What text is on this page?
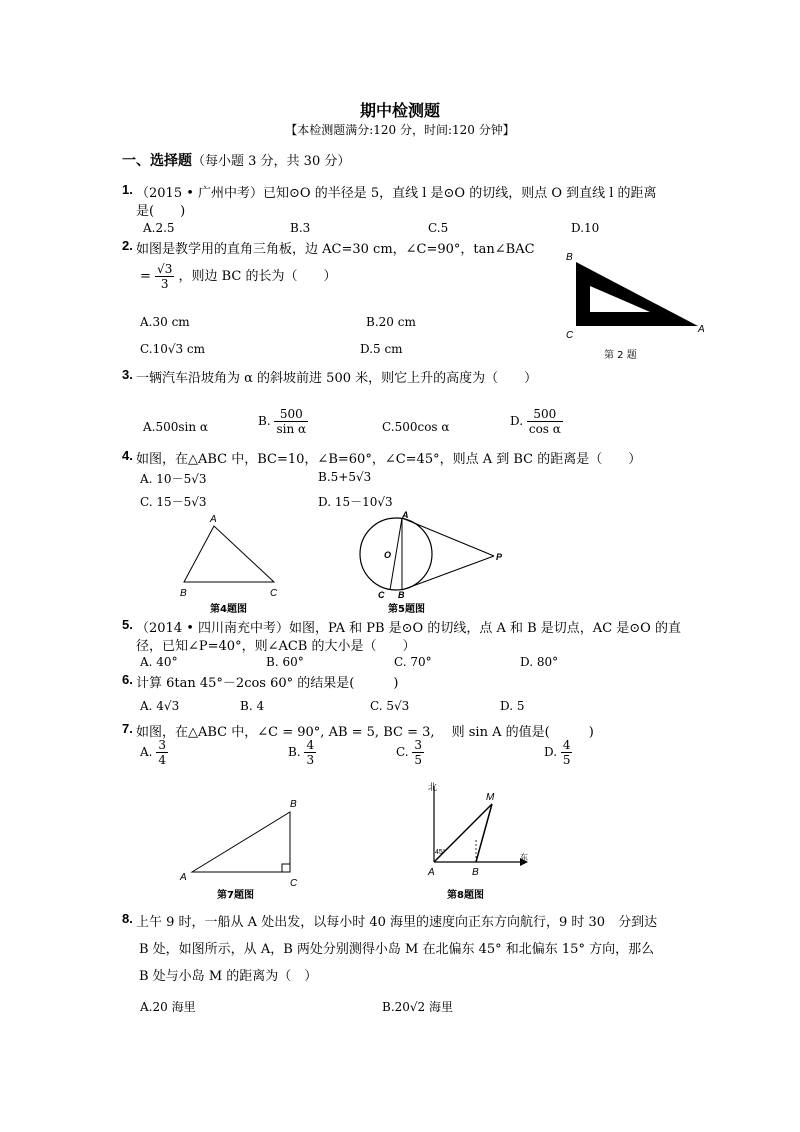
期中检测题
【本检测题满分:120 分，时间:120 分钟】
一、选择题（每小题 3 分，共 30 分）
1. （2015 • 广州中考）已知⊙O 的半径是 5，直线 l 是⊙O 的切线，则点 O 到直线 l 的距离
是(　　)
A.2.5	B.3	C.5	D.10
2. 如图是教学用的直角三角板，边 AC=30 cm，∠C=90°，tan∠BAC
= $\frac{√3}{3}$ ，则边 BC 的长为（　　）
A.30 cm	B.20 cm
C.10√3 cm	D.5 cm
B
C
A
第 2 题
3. 一辆汽车沿坡角为 α 的斜坡前进 500 米，则它上升的高度为（　　）
A.500sin α	B. $\frac{500}{\text{sin α}}$	C.500cos α	D. $\frac{500}{\text{cos α}}$
4. 如图，在△ABC 中，BC=10，∠B=60°，∠C=45°，则点 A 到 BC 的距离是（　　）
A. 10－5√3	B.5+5√3
C. 15－5√3	D. 15－10√3
A
B	C
第4题图
A
O
C B
P
第5题图
5. （2014 • 四川南充中考）如图，PA 和 PB 是⊙O 的切线，点 A 和 B 是切点，AC 是⊙O 的直
径，已知∠P=40°，则∠ACB 的大小是（　　）
A. 40°	B. 60°	C. 70°	D. 80°
6. 计算 6tan 45°－2cos 60° 的结果是(　　　)
A. 4√3	B. 4	C. 5√3	D. 5
7. 如图，在△ABC 中，∠C = 90°, AB = 5, BC = 3, 　则 sin A 的值是(　　　)
A. $\frac{3}{4}$	B. $\frac{4}{3}$	C. $\frac{3}{5}$	D. $\frac{4}{5}$
B
A
C
第7题图
北
M
45°
东
A	B
第8题图
8. 上午 9 时，一船从 A 处出发，以每小时 40 海里的速度向正东方向航行，9 时 30　分到达
B 处，如图所示，从 A，B 两处分别测得小岛 M 在北偏东 45° 和北偏东 15° 方向，那么
B 处与小岛 M 的距离为（　）
A.20 海里	B.20√2 海里
